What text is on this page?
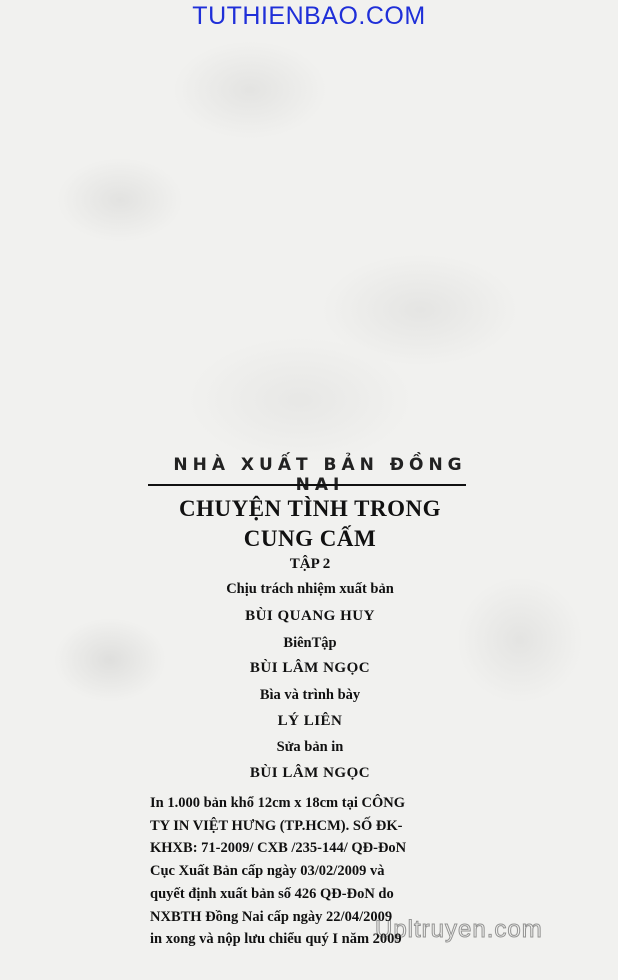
TUTHIENBAO.COM
NHÀ XUẤT BẢN ĐỒNG NAI
CHUYỆN TÌNH TRONG
CUNG CẤM
TẬP 2
Chịu trách nhiệm xuất bản
BÙI QUANG HUY
BiênTập
BÙI LÂM NGỌC
Bìa và trình bày
LÝ LIÊN
Sửa bản in
BÙI LÂM NGỌC
In 1.000 bản khổ 12cm x 18cm tại CÔNG
TY IN VIỆT HƯNG (TP.HCM). SỐ ĐK-
KHXB: 71-2009/ CXB /235-144/ QĐ-ĐoN
Cục Xuất Bản cấp ngày 03/02/2009 và
quyết định xuất bản số 426 QĐ-ĐoN do
NXBTH Đồng Nai cấp ngày 22/04/2009
in xong và nộp lưu chiểu quý I năm 2009
Upltruyen.com
